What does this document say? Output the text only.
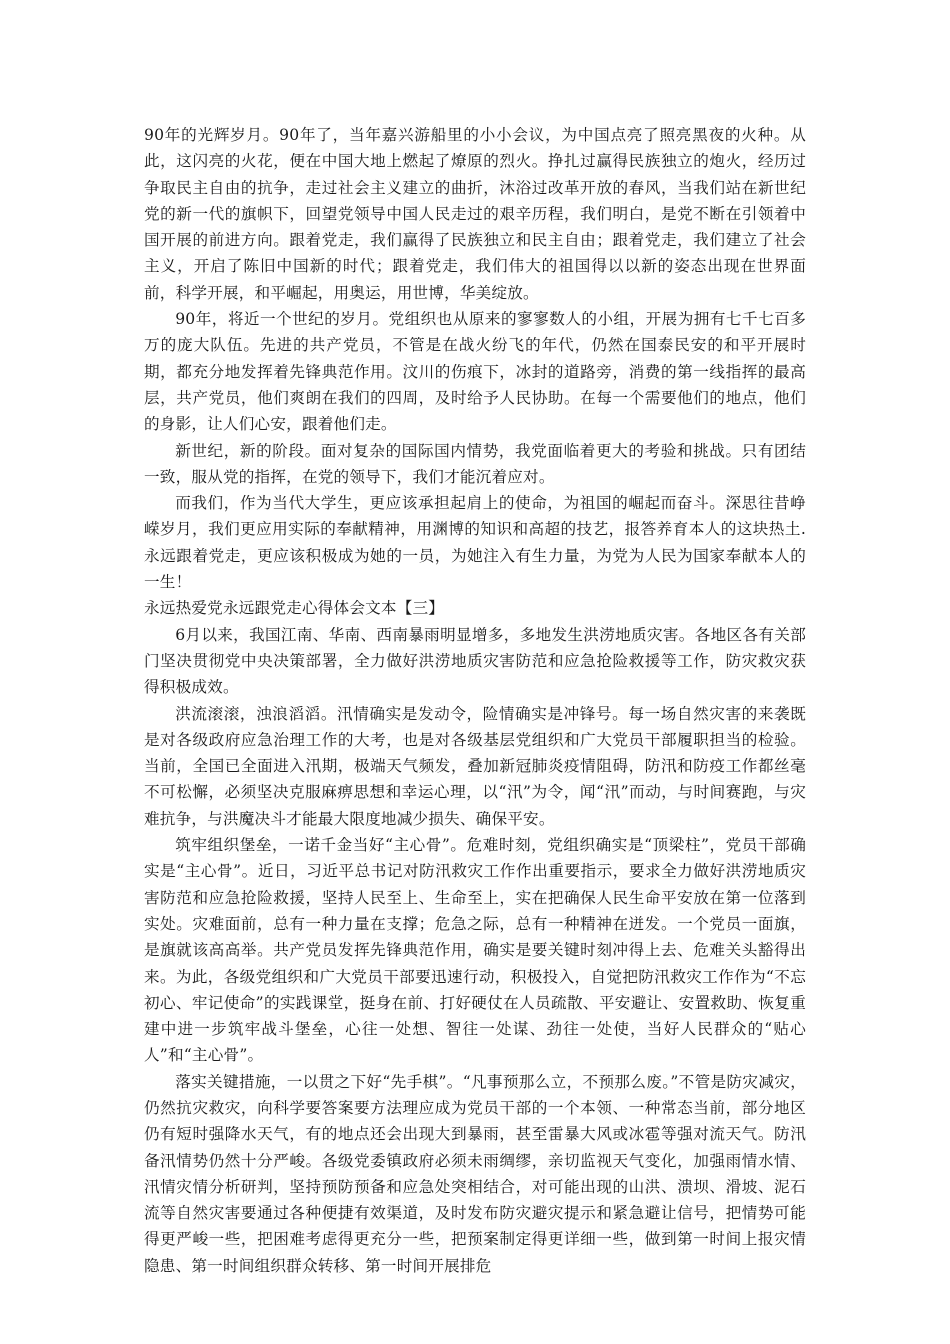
90年的光辉岁月。90年了，当年嘉兴游船里的小小会议，为中国点亮了照亮黑夜的火种。从此，这闪亮的火花，便在中国大地上燃起了燎原的烈火。挣扎过赢得民族独立的炮火，经历过争取民主自由的抗争，走过社会主义建立的曲折，沐浴过改革开放的春风，当我们站在新世纪党的新一代的旗帜下，回望党领导中国人民走过的艰辛历程，我们明白，是党不断在引领着中国开展的前进方向。跟着党走，我们赢得了民族独立和民主自由；跟着党走，我们建立了社会主义，开启了陈旧中国新的时代；跟着党走，我们伟大的祖国得以以新的姿态出现在世界面前，科学开展，和平崛起，用奥运，用世博，华美绽放。

90年，将近一个世纪的岁月。党组织也从原来的寥寥数人的小组，开展为拥有七千七百多万的庞大队伍。先进的共产党员，不管是在战火纷飞的年代，仍然在国泰民安的和平开展时期，都充分地发挥着先锋典范作用。汶川的伤痕下，冰封的道路旁，消费的第一线指挥的最高层，共产党员，他们爽朗在我们的四周，及时给予人民协助。在每一个需要他们的地点，他们的身影，让人们心安，跟着他们走。

新世纪，新的阶段。面对复杂的国际国内情势，我党面临着更大的考验和挑战。只有团结一致，服从党的指挥，在党的领导下，我们才能沉着应对。

而我们，作为当代大学生，更应该承担起肩上的使命，为祖国的崛起而奋斗。深思往昔峥嵘岁月，我们更应用实际的奉献精神，用渊博的知识和高超的技艺，报答养育本人的这块热土.永远跟着党走，更应该积极成为她的一员，为她注入有生力量，为党为人民为国家奉献本人的一生！

永远热爱党永远跟党走心得体会文本【三】

6月以来，我国江南、华南、西南暴雨明显增多，多地发生洪涝地质灾害。各地区各有关部门坚决贯彻党中央决策部署，全力做好洪涝地质灾害防范和应急抢险救援等工作，防灾救灾获得积极成效。

洪流滚滚，浊浪滔滔。汛情确实是发动令，险情确实是冲锋号。每一场自然灾害的来袭既是对各级政府应急治理工作的大考，也是对各级基层党组织和广大党员干部履职担当的检验。当前，全国已全面进入汛期，极端天气频发，叠加新冠肺炎疫情阻碍，防汛和防疫工作都丝毫不可松懈，必须坚决克服麻痹思想和幸运心理，以“汛”为令，闻“汛”而动，与时间赛跑，与灾难抗争，与洪魔决斗才能最大限度地减少损失、确保平安。

筑牢组织堡垒，一诺千金当好“主心骨”。危难时刻，党组织确实是“顶梁柱”，党员干部确实是“主心骨”。近日，习近平总书记对防汛救灾工作作出重要指示，要求全力做好洪涝地质灾害防范和应急抢险救援，坚持人民至上、生命至上，实在把确保人民生命平安放在第一位落到实处。灾难面前，总有一种力量在支撑；危急之际，总有一种精神在迸发。一个党员一面旗，是旗就该高高举。共产党员发挥先锋典范作用，确实是要关键时刻冲得上去、危难关头豁得出来。为此，各级党组织和广大党员干部要迅速行动，积极投入，自觉把防汛救灾工作作为“不忘初心、牢记使命”的实践课堂，挺身在前、打好硬仗在人员疏散、平安避让、安置救助、恢复重建中进一步筑牢战斗堡垒，心往一处想、智往一处谋、劲往一处使，当好人民群众的“贴心人”和“主心骨”。

落实关键措施，一以贯之下好“先手棋”。“凡事预那么立，不预那么废。”不管是防灾减灾，仍然抗灾救灾，向科学要答案要方法理应成为党员干部的一个本领、一种常态当前，部分地区仍有短时强降水天气，有的地点还会出现大到暴雨，甚至雷暴大风或冰雹等强对流天气。防汛备汛情势仍然十分严峻。各级党委镇政府必须未雨绸缪，亲切监视天气变化，加强雨情水情、汛情灾情分析研判，坚持预防预备和应急处突相结合，对可能出现的山洪、溃坝、滑坡、泥石流等自然灾害要通过各种便捷有效渠道，及时发布防灾避灾提示和紧急避让信号，把情势可能得更严峻一些，把困难考虑得更充分一些，把预案制定得更详细一些，做到第一时间上报灾情隐患、第一时间组织群众转移、第一时间开展排危
